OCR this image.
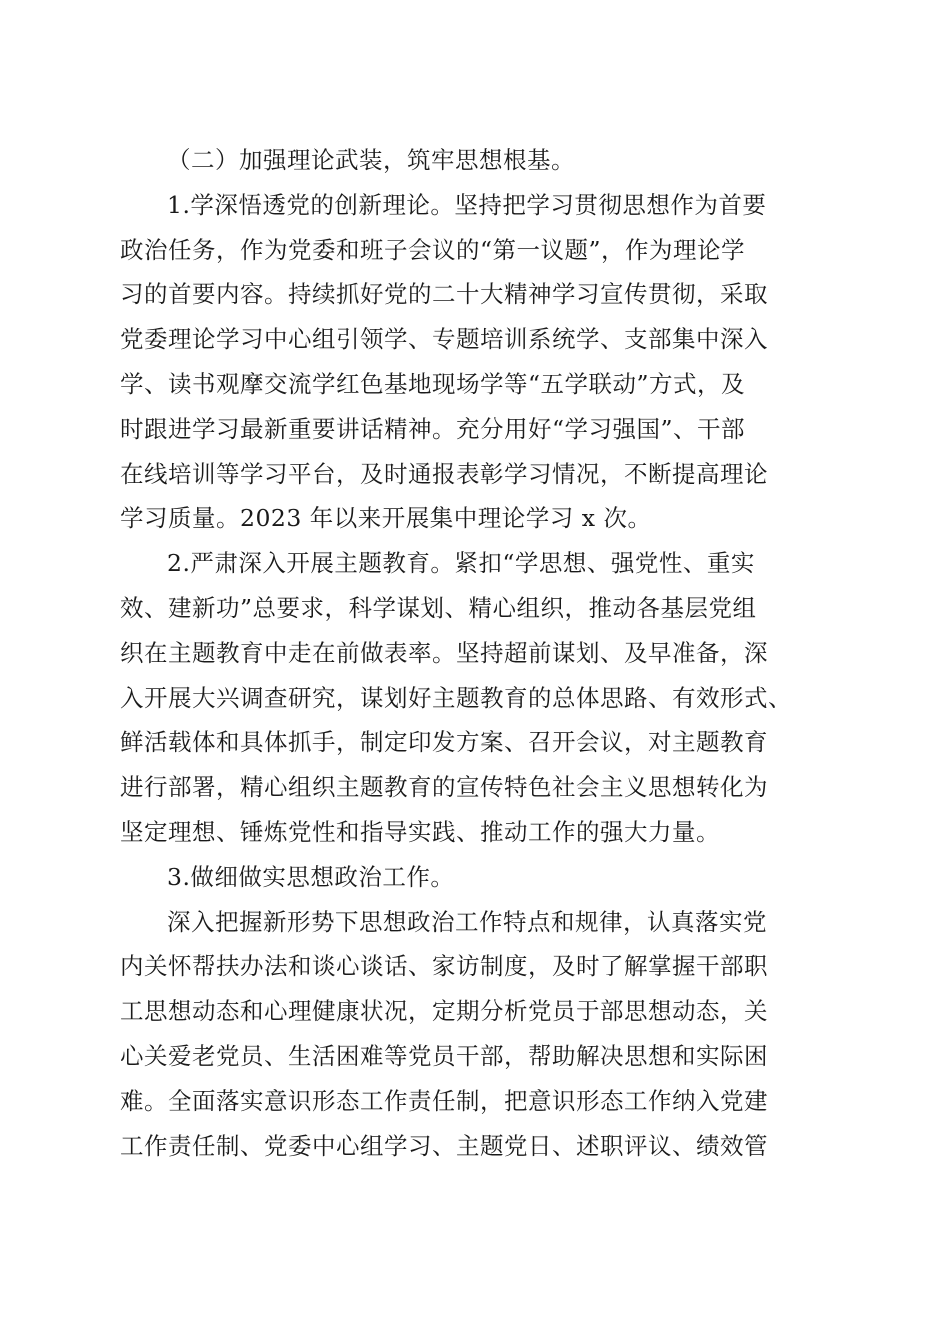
（二）加强理论武装，筑牢思想根基。

1.学深悟透党的创新理论。坚持把学习贯彻思想作为首要
政治任务，作为党委和班子会议的“第一议题”，作为理论学
习的首要内容。持续抓好党的二十大精神学习宣传贯彻，采取
党委理论学习中心组引领学、专题培训系统学、支部集中深入
学、读书观摩交流学红色基地现场学等“五学联动”方式，及
时跟进学习最新重要讲话精神。充分用好“学习强国”、干部
在线培训等学习平台，及时通报表彰学习情况，不断提高理论
学习质量。2023 年以来开展集中理论学习 x 次。

2.严肃深入开展主题教育。紧扣“学思想、强党性、重实
效、建新功”总要求，科学谋划、精心组织，推动各基层党组
织在主题教育中走在前做表率。坚持超前谋划、及早准备，深
入开展大兴调查研究，谋划好主题教育的总体思路、有效形式、
鲜活载体和具体抓手，制定印发方案、召开会议，对主题教育
进行部署，精心组织主题教育的宣传特色社会主义思想转化为
坚定理想、锤炼党性和指导实践、推动工作的强大力量。

3.做细做实思想政治工作。

深入把握新形势下思想政治工作特点和规律，认真落实党
内关怀帮扶办法和谈心谈话、家访制度，及时了解掌握干部职
工思想动态和心理健康状况，定期分析党员于部思想动态，关
心关爱老党员、生活困难等党员干部，帮助解决思想和实际困
难。全面落实意识形态工作责任制，把意识形态工作纳入党建
工作责任制、党委中心组学习、主题党日、述职评议、绩效管
